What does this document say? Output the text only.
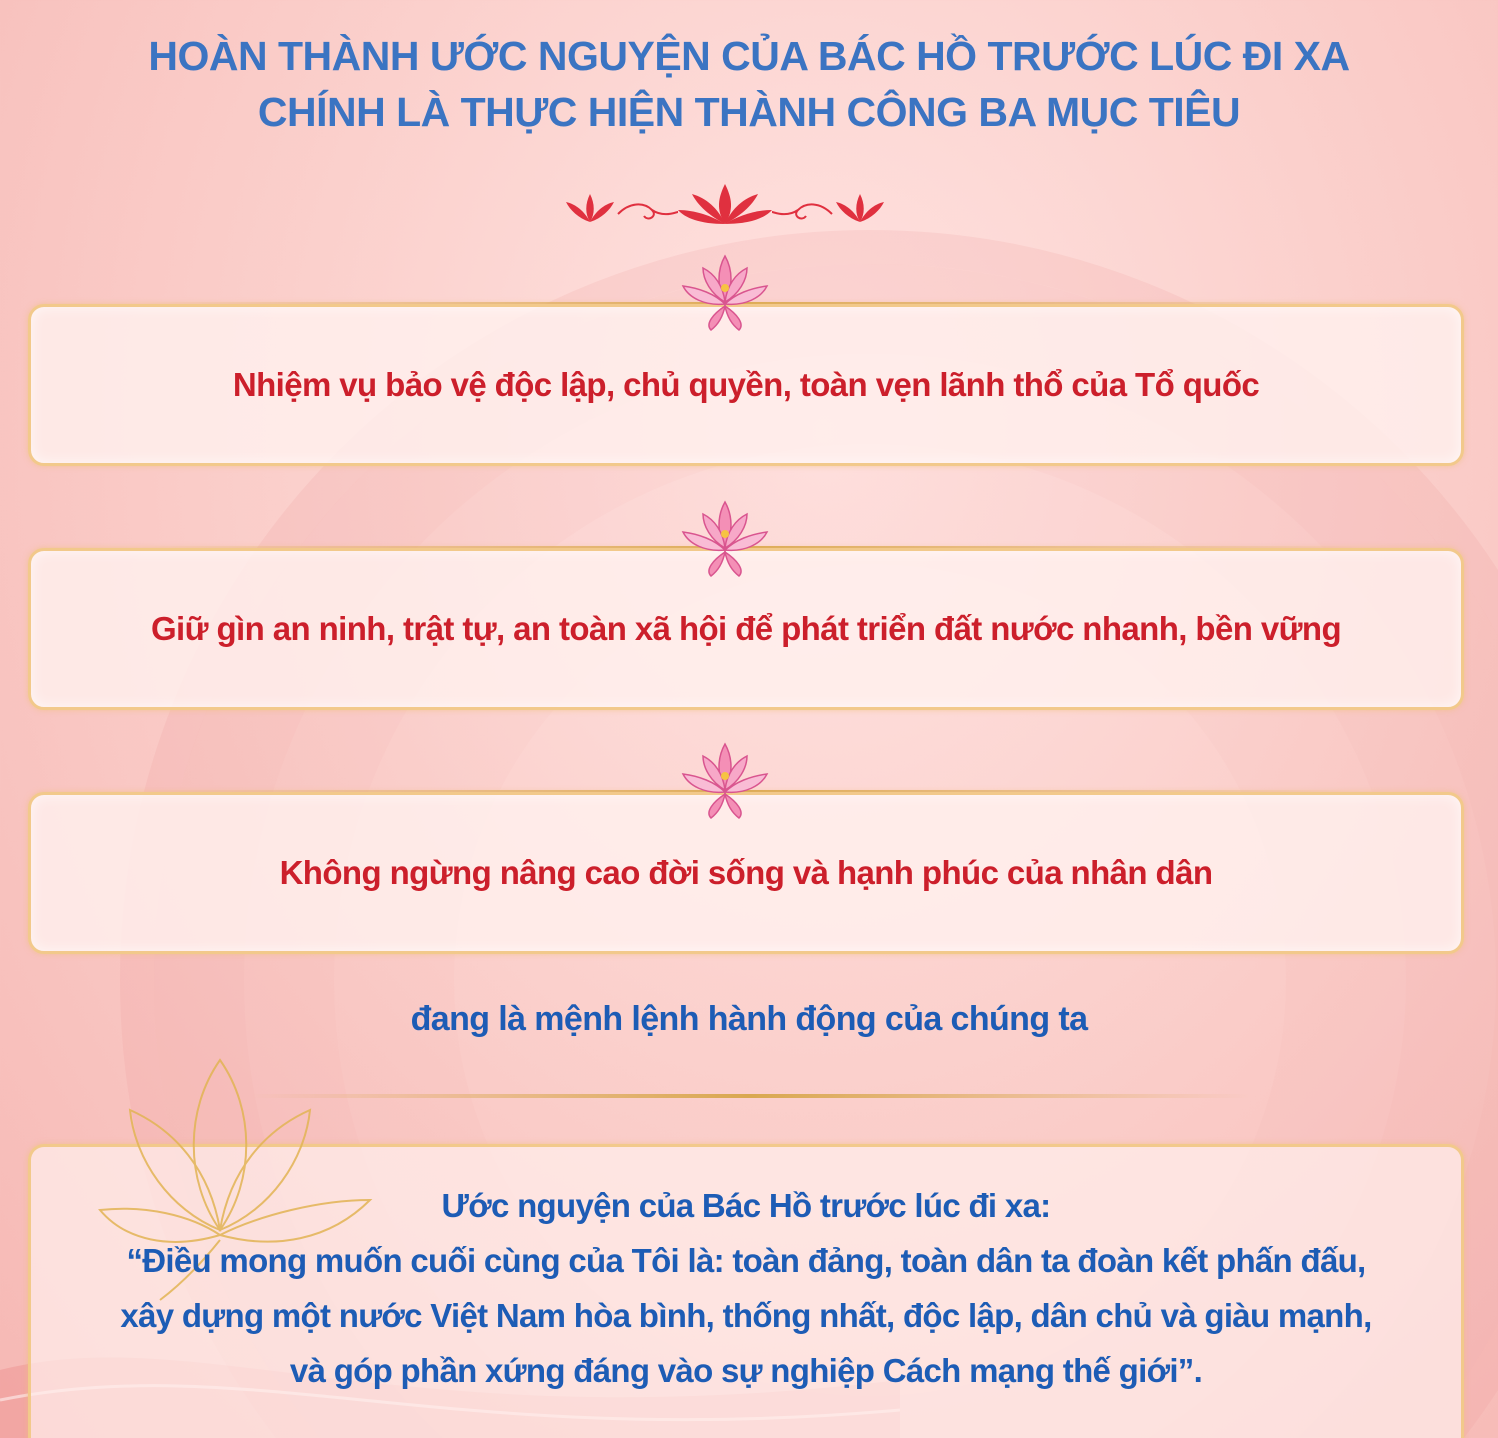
HOÀN THÀNH ƯỚC NGUYỆN CỦA BÁC HỒ TRƯỚC LÚC ĐI XA
CHÍNH LÀ THỰC HIỆN THÀNH CÔNG BA MỤC TIÊU
Nhiệm vụ bảo vệ độc lập, chủ quyền, toàn vẹn lãnh thổ của Tổ quốc
Giữ gìn an ninh, trật tự, an toàn xã hội để phát triển đất nước nhanh, bền vững
Không ngừng nâng cao đời sống và hạnh phúc của nhân dân
đang là mệnh lệnh hành động của chúng ta
Ước nguyện của Bác Hồ trước lúc đi xa:
“Điều mong muốn cuối cùng của Tôi là: toàn đảng, toàn dân ta đoàn kết phấn đấu,
xây dựng một nước Việt Nam hòa bình, thống nhất, độc lập, dân chủ và giàu mạnh,
và góp phần xứng đáng vào sự nghiệp Cách mạng thế giới”.
